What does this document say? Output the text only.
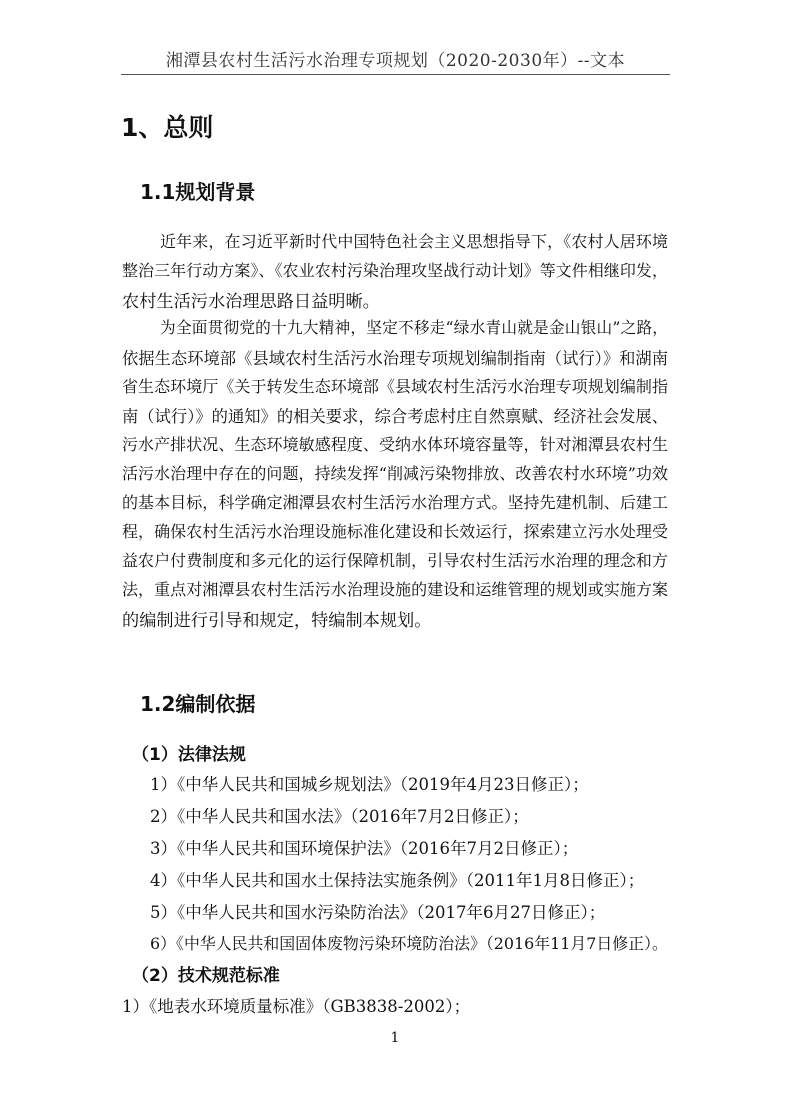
湘潭县农村生活污水治理专项规划（2020-2030年）--文本
1、总则
1.1规划背景
近年来，在习近平新时代中国特色社会主义思想指导下，《农村人居环境
整治三年行动方案》、《农业农村污染治理攻坚战行动计划》等文件相继印发，
农村生活污水治理思路日益明晰。
为全面贯彻党的十九大精神，坚定不移走“绿水青山就是金山银山”之路，
依据生态环境部《县域农村生活污水治理专项规划编制指南（试行）》和湖南
省生态环境厅《关于转发生态环境部《县域农村生活污水治理专项规划编制指
南（试行）》的通知》的相关要求，综合考虑村庄自然禀赋、经济社会发展、
污水产排状况、生态环境敏感程度、受纳水体环境容量等，针对湘潭县农村生
活污水治理中存在的问题，持续发挥“削减污染物排放、改善农村水环境”功效
的基本目标，科学确定湘潭县农村生活污水治理方式。坚持先建机制、后建工
程，确保农村生活污水治理设施标准化建设和长效运行，探索建立污水处理受
益农户付费制度和多元化的运行保障机制，引导农村生活污水治理的理念和方
法，重点对湘潭县农村生活污水治理设施的建设和运维管理的规划或实施方案
的编制进行引导和规定，特编制本规划。
1.2编制依据
（1）法律法规
1）《中华人民共和国城乡规划法》（2019年4月23日修正）；
2）《中华人民共和国水法》（2016年7月2日修正）；
3）《中华人民共和国环境保护法》（2016年7月2日修正）；
4）《中华人民共和国水土保持法实施条例》（2011年1月8日修正）；
5）《中华人民共和国水污染防治法》（2017年6月27日修正）；
6）《中华人民共和国固体废物污染环境防治法》（2016年11月7日修正）。
（2）技术规范标准
1）《地表水环境质量标准》（GB3838-2002）；
1
